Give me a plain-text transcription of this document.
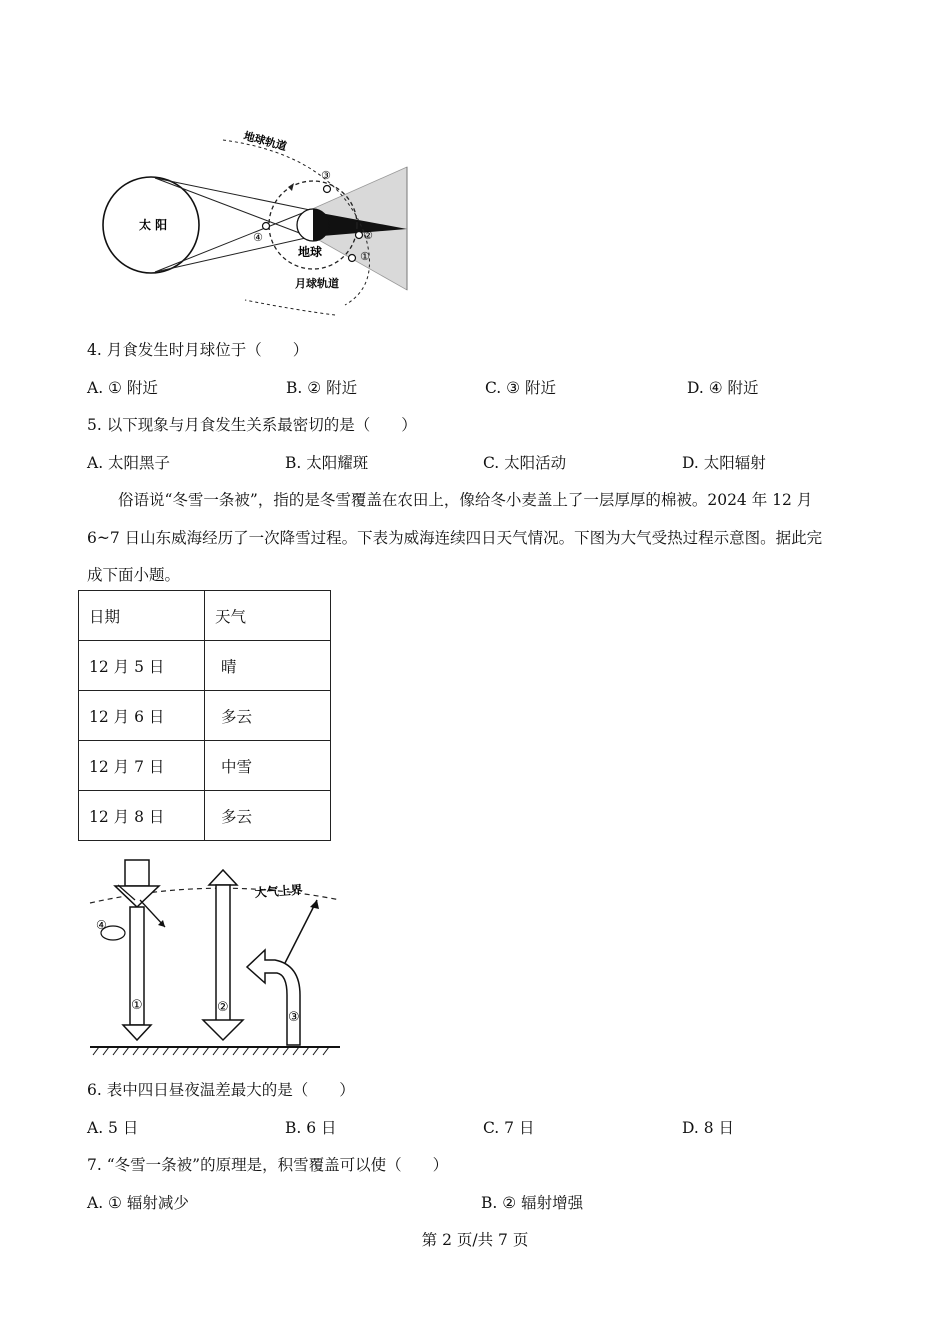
太 阳
地球
地球轨道
月球轨道
①
②
③
④
4. 月食发生时月球位于（　　）
A. ① 附近	B. ② 附近	C. ③ 附近	D. ④ 附近
5. 以下现象与月食发生关系最密切的是（　　）
A. 太阳黑子	B. 太阳耀斑	C. 太阳活动	D. 太阳辐射
俗语说“冬雪一条被”，指的是冬雪覆盖在农田上，像给冬小麦盖上了一层厚厚的棉被。2024 年 12 月
6~7 日山东威海经历了一次降雪过程。下表为威海连续四日天气情况。下图为大气受热过程示意图。据此完
成下面小题。
日期	天气
12 月 5 日	晴
12 月 6 日	多云
12 月 7 日	中雪
12 月 8 日	多云
大气上界
①	②
③
④
6. 表中四日昼夜温差最大的是（　　）
A. 5 日	B. 6 日	C. 7 日	D. 8 日
7. “冬雪一条被”的原理是，积雪覆盖可以使（　　）
A. ① 辐射减少	B. ② 辐射增强
第 2 页/共 7 页
